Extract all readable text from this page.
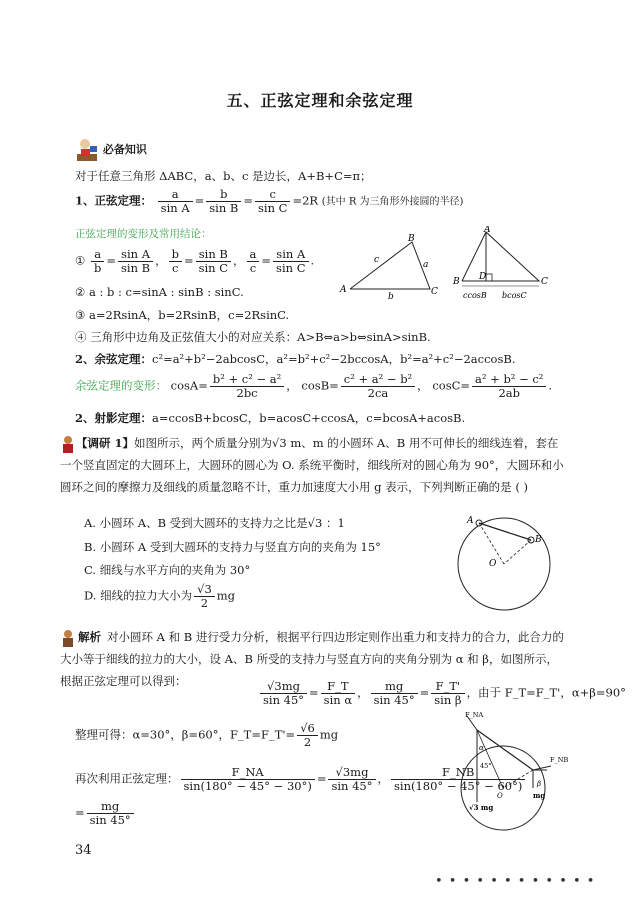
五、正弦定理和余弦定理
必备知识
对于任意三角形 ΔABC，a、b、c 是边长，A+B+C=π；
1、正弦定理： $\frac{a}{\text{sin A}} = \frac{b}{\text{sin B}} = \frac{c}{\text{sin C}} =2R$ (其中 R 为三角形外接圆的半径)
正弦定理的变形及常用结论：
① $\frac{a}{b} = \frac{\text{sin A}}{\text{sin B}}$ ， $\frac{b}{c} = \frac{\text{sin B}}{\text{sin C}}$ ， $\frac{a}{c} = \frac{\text{sin A}}{\text{sin C}}$ .
② a : b : c=sinA : sinB : sinC.
③ a=2RsinA，b=2RsinB，c=2RsinC.
④ 三角形中边角及正弦值大小的对应关系：A>B⇔a>b⇔sinA>sinB.
2、余弦定理：c²=a²+b²−2abcosC，a²=b²+c²−2bccosA，b²=a²+c²−2accosB.
余弦定理的变形： $\cos A= \frac{\text{b² + c² − a²}}{2bc}$ ， $\cos B= \frac{\text{c² + a² − b²}}{2ca}$ ， $\cos C= \frac{\text{a² + b² − c²}}{2ab}$ .
2、射影定理：a=ccosB+bcosC，b=acosC+ccosA，c=bcosA+acosB.
A
B
C
c	a
b
A
B	C
D
ccosB bcosC
【调研 1】如图所示，两个质量分别为√3 m、m 的小圆环 A、B 用不可伸长的细线连着，套在一个竖直固定的大圆环上，大圆环的圆心为 O. 系统平衡时，细线所对的圆心角为 90°，大圆环和小圆环之间的摩擦力及细线的质量忽略不计，重力加速度大小用 g 表示，下列判断正确的是 ( )
A. 小圆环 A、B 受到大圆环的支持力之比是√3 ：1
B. 小圆环 A 受到大圆环的支持力与竖直方向的夹角为 15°
C. 细线与水平方向的夹角为 30°
D. 细线的拉力大小为 $\frac{√3}{2}$ mg
A
B
O
解析 对小圆环 A 和 B 进行受力分析，根据平行四边形定则作出重力和支持力的合力，此合力的大小等于细线的拉力的大小，设 A、B 所受的支持力与竖直方向的夹角分别为 α 和 β，如图所示，根据正弦定理可以得到：	$\frac{√3mg}{\sin 45^\circ} = \frac{F\_T}{\text{sin α}}$ ， $\frac{mg}{\sin 45^\circ} = \frac{F\_T'}{\text{sin β}}$ ，由于 F_T=F_T'，α+β=90°
整理可得：α=30°，β=60°，F_T=F_T'= $\frac{√6}{2}$ mg
再次利用正弦定理： $\frac{F\_NA}{\sin(180^\circ - 45^\circ - 30^\circ)} = \frac{√3mg}{\sin 45^\circ}$ ， $\frac{F\_NB}{\sin(180^\circ - 45^\circ - 60^\circ)}$
= $\frac{mg}{\sin 45^\circ}$
F_NA
F_NB
45°
α
β
O
√3 mg
mg
34
• • • • • • • • • • • •
